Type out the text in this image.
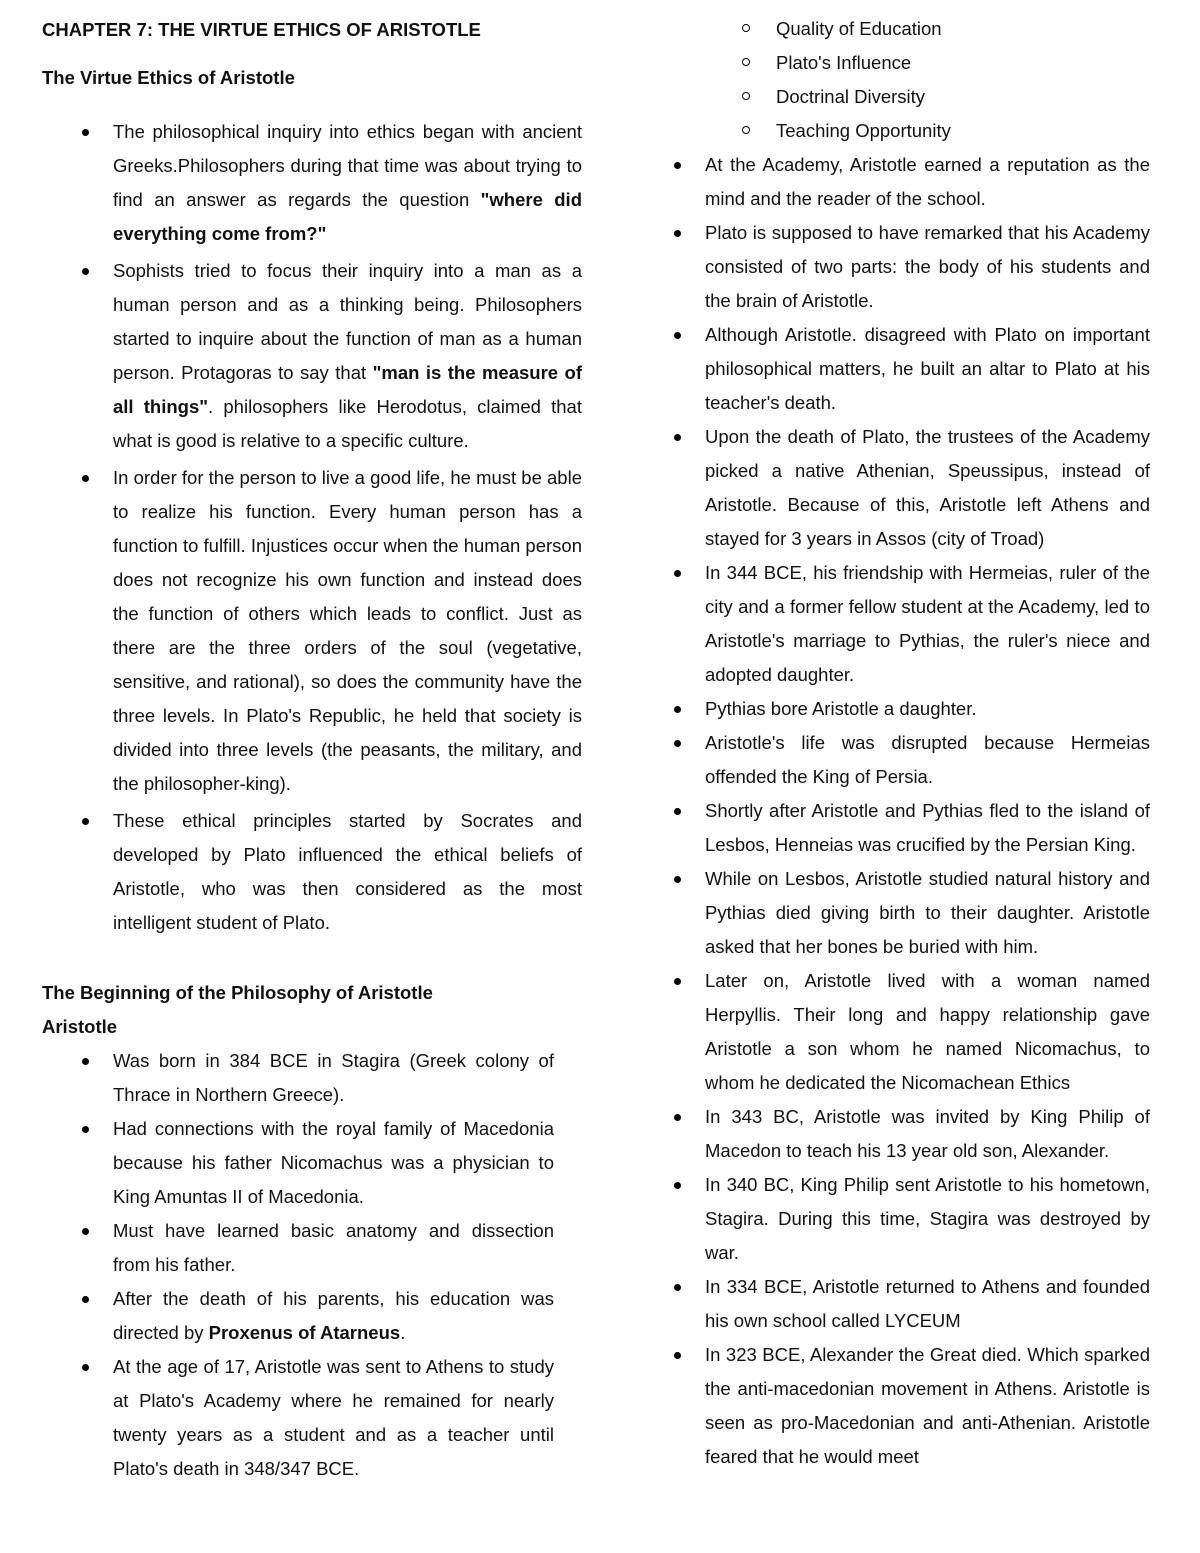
CHAPTER 7: THE VIRTUE ETHICS OF ARISTOTLE
The Virtue Ethics of Aristotle
The philosophical inquiry into ethics began with ancient Greeks.Philosophers during that time was about trying to find an answer as regards the question "where did everything come from?"
Sophists tried to focus their inquiry into a man as a human person and as a thinking being. Philosophers started to inquire about the function of man as a human person. Protagoras to say that "man is the measure of all things". philosophers like Herodotus, claimed that what is good is relative to a specific culture.
In order for the person to live a good life, he must be able to realize his function. Every human person has a function to fulfill. Injustices occur when the human person does not recognize his own function and instead does the function of others which leads to conflict. Just as there are the three orders of the soul (vegetative, sensitive, and rational), so does the community have the three levels. In Plato's Republic, he held that society is divided into three levels (the peasants, the military, and the philosopher-king).
These ethical principles started by Socrates and developed by Plato influenced the ethical beliefs of Aristotle, who was then considered as the most intelligent student of Plato.
The Beginning of the Philosophy of Aristotle
Aristotle
Was born in 384 BCE in Stagira (Greek colony of Thrace in Northern Greece).
Had connections with the royal family of Macedonia because his father Nicomachus was a physician to King Amuntas II of Macedonia.
Must have learned basic anatomy and dissection from his father.
After the death of his parents, his education was directed by Proxenus of Atarneus.
At the age of 17, Aristotle was sent to Athens to study at Plato's Academy where he remained for nearly twenty years as a student and as a teacher until Plato's death in 348/347 BCE.
Quality of Education
Plato's Influence
Doctrinal Diversity
Teaching Opportunity
At the Academy, Aristotle earned a reputation as the mind and the reader of the school.
Plato is supposed to have remarked that his Academy consisted of two parts: the body of his students and the brain of Aristotle.
Although Aristotle. disagreed with Plato on important philosophical matters, he built an altar to Plato at his teacher's death.
Upon the death of Plato, the trustees of the Academy picked a native Athenian, Speussipus, instead of Aristotle. Because of this, Aristotle left Athens and stayed for 3 years in Assos (city of Troad)
In 344 BCE, his friendship with Hermeias, ruler of the city and a former fellow student at the Academy, led to Aristotle's marriage to Pythias, the ruler's niece and adopted daughter.
Pythias bore Aristotle a daughter.
Aristotle's life was disrupted because Hermeias offended the King of Persia.
Shortly after Aristotle and Pythias fled to the island of Lesbos, Henneias was crucified by the Persian King.
While on Lesbos, Aristotle studied natural history and Pythias died giving birth to their daughter. Aristotle asked that her bones be buried with him.
Later on, Aristotle lived with a woman named Herpyllis. Their long and happy relationship gave Aristotle a son whom he named Nicomachus, to whom he dedicated the Nicomachean Ethics
In 343 BC, Aristotle was invited by King Philip of Macedon to teach his 13 year old son, Alexander.
In 340 BC, King Philip sent Aristotle to his hometown, Stagira. During this time, Stagira was destroyed by war.
In 334 BCE, Aristotle returned to Athens and founded his own school called LYCEUM
In 323 BCE, Alexander the Great died. Which sparked the anti-macedonian movement in Athens. Aristotle is seen as pro-Macedonian and anti-Athenian. Aristotle feared that he would meet
